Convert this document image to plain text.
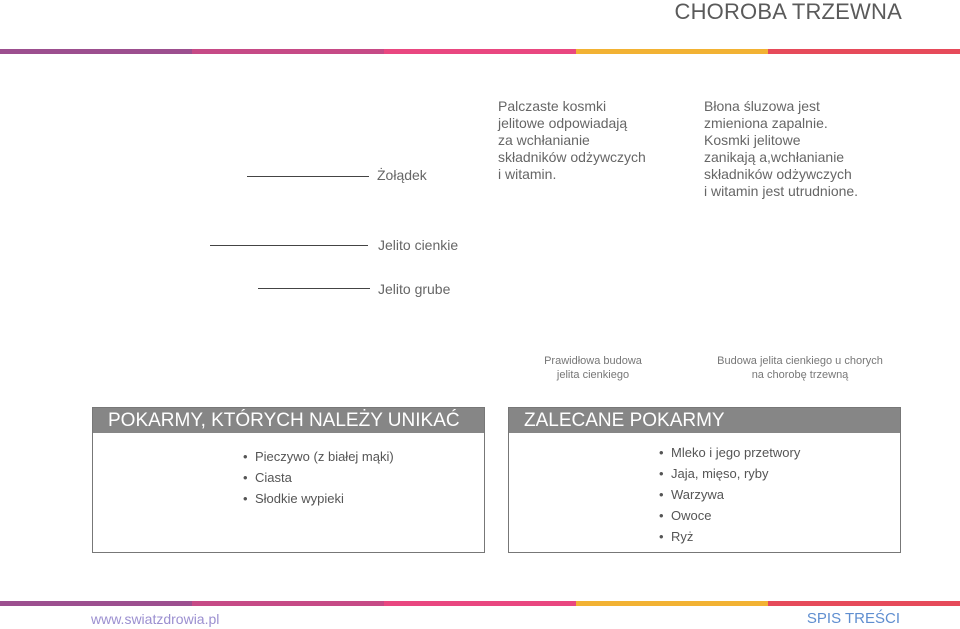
CHOROBA TRZEWNA
Żołądek
Jelito cienkie
Jelito grube

Palczaste kosmki
jelitowe odpowiadają
za wchłanianie
składników odżywczych
i witamin.

Błona śluzowa jest
zmieniona zapalnie.
Kosmki jelitowe
zanikają a,wchłanianie
składników odżywczych
i witamin jest utrudnione.

Prawidłowa budowa
jelita cienkiego
Budowa jelita cienkiego u chorych
na chorobę trzewną
POKARMY, KTÓRYCH NALEŻY UNIKAĆ
• Pieczywo (z białej mąki)
• Ciasta
• Słodkie wypieki
ZALECANE POKARMY
• Mleko i jego przetwory
• Jaja, mięso, ryby
• Warzywa
• Owoce
• Ryż
www.swiatzdrowia.pl	SPIS TREŚCI
